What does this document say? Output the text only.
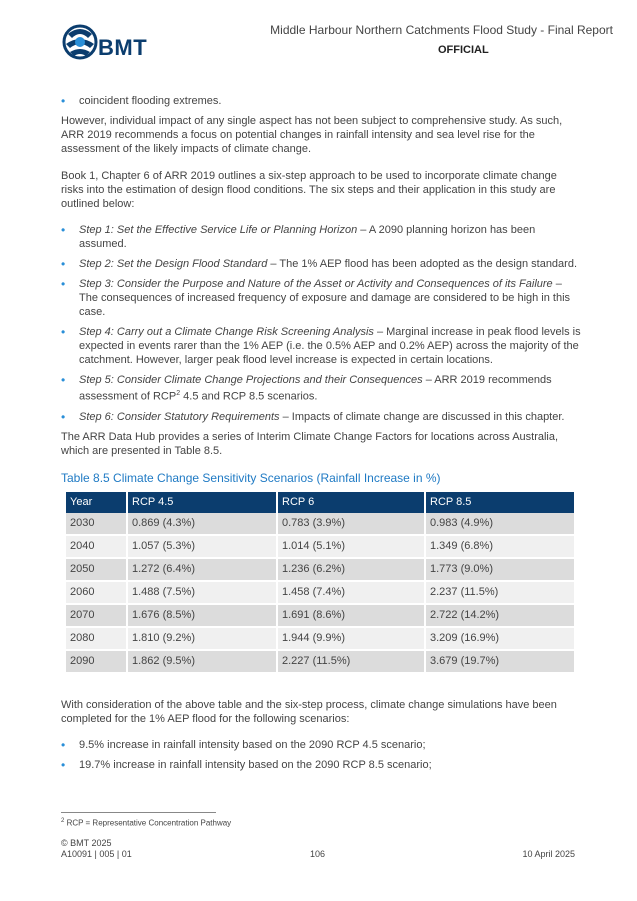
BMT
Middle Harbour Northern Catchments Flood Study - Final Report
OFFICIAL

• coincident flooding extremes.

However, individual impact of any single aspect has not been subject to comprehensive study. As such, ARR 2019 recommends a focus on potential changes in rainfall intensity and sea level rise for the assessment of the likely impacts of climate change.

Book 1, Chapter 6 of ARR 2019 outlines a six-step approach to be used to incorporate climate change risks into the estimation of design flood conditions. The six steps and their application in this study are outlined below:

• Step 1: Set the Effective Service Life or Planning Horizon – A 2090 planning horizon has been assumed.

• Step 2: Set the Design Flood Standard – The 1% AEP flood has been adopted as the design standard.

• Step 3: Consider the Purpose and Nature of the Asset or Activity and Consequences of its Failure – The consequences of increased frequency of exposure and damage are considered to be high in this case.

• Step 4: Carry out a Climate Change Risk Screening Analysis – Marginal increase in peak flood levels is expected in events rarer than the 1% AEP (i.e. the 0.5% AEP and 0.2% AEP) across the majority of the catchment. However, larger peak flood level increase is expected in certain locations.

• Step 5: Consider Climate Change Projections and their Consequences – ARR 2019 recommends assessment of RCP$^2$ 4.5 and RCP 8.5 scenarios.

• Step 6: Consider Statutory Requirements – Impacts of climate change are discussed in this chapter.

The ARR Data Hub provides a series of Interim Climate Change Factors for locations across Australia, which are presented in Table 8.5.

Table 8.5 Climate Change Sensitivity Scenarios (Rainfall Increase in %)

Year	RCP 4.5	RCP 6	RCP 8.5
2030	0.869 (4.3%)	0.783 (3.9%)	0.983 (4.9%)
2040	1.057 (5.3%)	1.014 (5.1%)	1.349 (6.8%)
2050	1.272 (6.4%)	1.236 (6.2%)	1.773 (9.0%)
2060	1.488 (7.5%)	1.458 (7.4%)	2.237 (11.5%)
2070	1.676 (8.5%)	1.691 (8.6%)	2.722 (14.2%)
2080	1.810 (9.2%)	1.944 (9.9%)	3.209 (16.9%)
2090	1.862 (9.5%)	2.227 (11.5%)	3.679 (19.7%)

With consideration of the above table and the six-step process, climate change simulations have been completed for the 1% AEP flood for the following scenarios:

• 9.5% increase in rainfall intensity based on the 2090 RCP 4.5 scenario;

• 19.7% increase in rainfall intensity based on the 2090 RCP 8.5 scenario;

$^2$ RCP = Representative Concentration Pathway
© BMT 2025
A10091 | 005 | 01	106	10 April 2025
